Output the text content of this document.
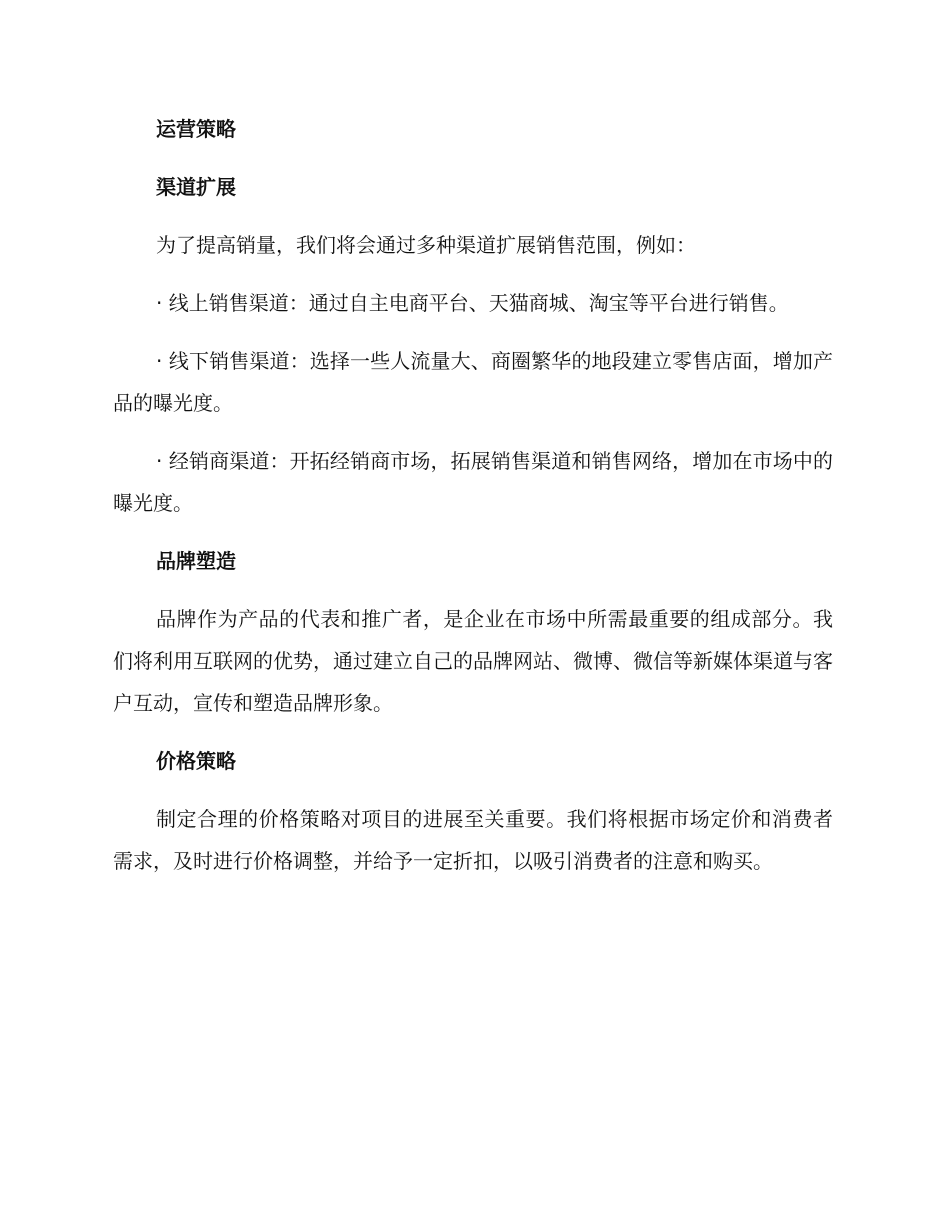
运营策略
渠道扩展

为了提高销量，我们将会通过多种渠道扩展销售范围，例如：

· 线上销售渠道：通过自主电商平台、天猫商城、淘宝等平台进行销售。

· 线下销售渠道：选择一些人流量大、商圈繁华的地段建立零售店面，增加产品的曝光度。

· 经销商渠道：开拓经销商市场，拓展销售渠道和销售网络，增加在市场中的曝光度。

品牌塑造

品牌作为产品的代表和推广者，是企业在市场中所需最重要的组成部分。我们将利用互联网的优势，通过建立自己的品牌网站、微博、微信等新媒体渠道与客户互动，宣传和塑造品牌形象。

价格策略

制定合理的价格策略对项目的进展至关重要。我们将根据市场定价和消费者需求，及时进行价格调整，并给予一定折扣，以吸引消费者的注意和购买。
